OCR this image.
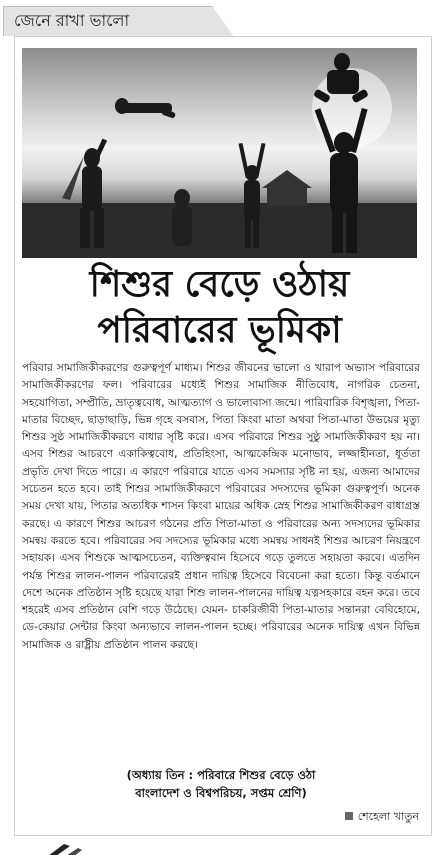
জেনে রাখা ভালো
শিশুর বেড়ে ওঠায়
পরিবারের ভূমিকা
পরিবার সামাজিকীকরণের গুরুত্বপূর্ণ মাধ্যম। শিশুর জীবনের ভালো ও খারাপ অভ্যাস পরিবারের সামাজিকীকরণের ফল। পরিবারের মধ্যেই শিশুর সামাজিক নীতিবোধ, নাগরিক চেতনা, সহযোগিতা, সম্প্রীতি, ভ্রাতৃত্ববোধ, আত্মত্যাগ ও ভালোবাসা জন্মে। পারিবারিক বিশৃঙ্খলা, পিতা-মাতার বিচ্ছেদ, ছাড়াছাড়ি, ভিন্ন গৃহে বসবাস, পিতা কিংবা মাতা অথবা পিতা-মাতা উভয়ের মৃত্যু শিশুর সুষ্ঠ সামাজিকীকরণে বাধার সৃষ্টি করে। এসব পরিবারে শিশুর সুষ্ঠু সামাজিকীকরণ হয় না। এসব শিশুর আচরণে একাকিত্ববোধ, প্রতিহিংসা, আত্মকেন্দ্রিক মনোভাব, লজ্জাহীনতা, ধূর্ততা প্রভৃতি দেখা দিতে পারে। এ কারণে পরিবারে যাতে এসব সমস্যার সৃষ্টি না হয়, এজন্য আমাদের সচেতন হতে হবে। তাই শিশুর সামাজিকীকরণে পরিবারের সদস্যদের ভূমিকা গুরুত্বপূর্ণ। অনেক সময় দেখা যায়, পিতার অত্যধিক শাসন কিংবা মায়ের অধিক স্নেহ শিশুর সামাজিকীকরণ বাধাগ্রস্ত করছে। এ কারণে শিশুর আচরণ গঠনের প্রতি পিতা-মাতা ও পরিবারের অন্য সদস্যদের ভূমিকার সমন্বয় করতে হবে। পরিবারের সব সদস্যের ভূমিকার মধ্যে সমন্বয় সাধনই শিশুর আচরণ নিয়ন্ত্রণে সহায়ক। এসব শিশুকে আত্মসচেতন, ব্যক্তিত্ববান হিসেবে গড়ে তুলতে সহায়তা করবে। এতদিন পর্যন্ত শিশুর লালন-পালন পরিবারেরই প্রধান দায়িত্ব হিসেবে বিবেচনা করা হতো। কিন্তু বর্তমানে দেশে অনেক প্রতিষ্ঠান সৃষ্টি হয়েছে যারা শিশু লালন-পালনের দায়িত্ব যত্নসহকারে বহন করে। তবে শহরেই এসব প্রতিষ্ঠান বেশি গড়ে উঠেছে। যেমন- চাকরিজীবী পিতা-মাতার সন্তানরা বেবিহোমে, ডে-কেয়ার সেন্টার কিংবা অন্যভাবে লালন-পালন হচ্ছে। পরিবারের অনেক দায়িত্ব এখন বিভিন্ন সামাজিক ও রাষ্ট্রীয় প্রতিষ্ঠান পালন করছে।
(অধ্যায় তিন : পরিবারে শিশুর বেড়ে ওঠা
বাংলাদেশ ও বিশ্বপরিচয়, সপ্তম শ্রেণি)
শেহেলা খাতুন
